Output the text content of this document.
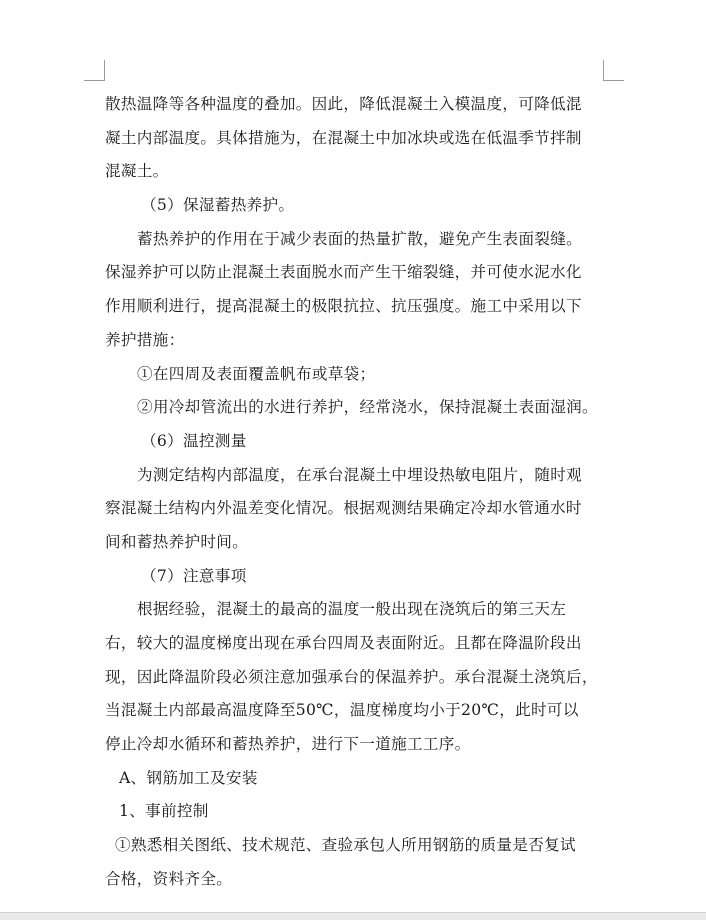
散热温降等各种温度的叠加。因此，降低混凝土入模温度，可降低混
凝土内部温度。具体措施为，在混凝土中加冰块或选在低温季节拌制
混凝土。
（5）保湿蓄热养护。
蓄热养护的作用在于减少表面的热量扩散，避免产生表面裂缝。
保湿养护可以防止混凝土表面脱水而产生干缩裂缝，并可使水泥水化
作用顺利进行，提高混凝土的极限抗拉、抗压强度。施工中采用以下
养护措施：
①在四周及表面覆盖帆布或草袋；
②用冷却管流出的水进行养护，经常浇水，保持混凝土表面湿润。
（6）温控测量
为测定结构内部温度，在承台混凝土中埋设热敏电阻片，随时观
察混凝土结构内外温差变化情况。根据观测结果确定冷却水管通水时
间和蓄热养护时间。
（7）注意事项
根据经验，混凝土的最高的温度一般出现在浇筑后的第三天左
右，较大的温度梯度出现在承台四周及表面附近。且都在降温阶段出
现，因此降温阶段必须注意加强承台的保温养护。承台混凝土浇筑后，
当混凝土内部最高温度降至50℃，温度梯度均小于20℃，此时可以
停止冷却水循环和蓄热养护，进行下一道施工工序。
A、钢筋加工及安装
1、事前控制
①熟悉相关图纸、技术规范、查验承包人所用钢筋的质量是否复试
合格，资料齐全。
